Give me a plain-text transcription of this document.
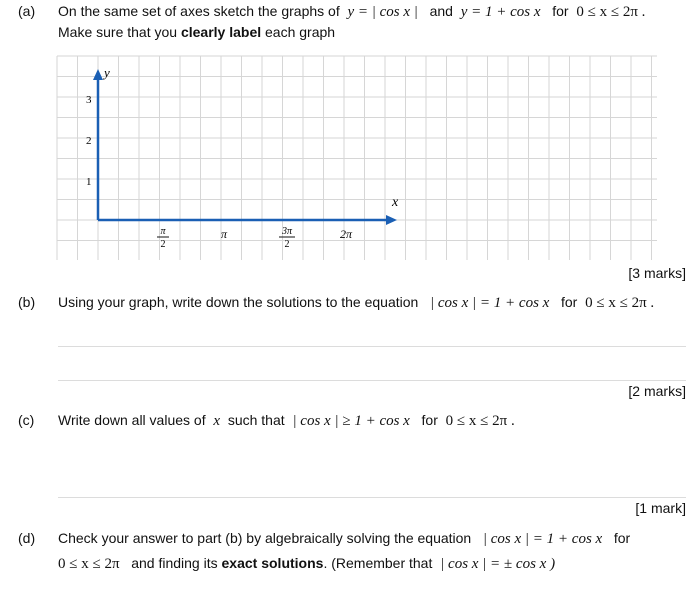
(a) On the same set of axes sketch the graphs of y = | cos x | and y = 1 + cos x for 0 ≤ x ≤ 2π .
Make sure that you clearly label each graph
y
x
1
2
3
π
2
π	3π
2
2π
[3 marks]
(b) Using your graph, write down the solutions to the equation | cos x | = 1 + cos x for 0 ≤ x ≤ 2π .
[2 marks]
(c) Write down all values of x such that | cos x | ≥ 1 + cos x for 0 ≤ x ≤ 2π .
[1 mark]
(d) Check your answer to part (b) by algebraically solving the equation | cos x | = 1 + cos x for
0 ≤ x ≤ 2π and finding its exact solutions. (Remember that | cos x | = ± cos x )
